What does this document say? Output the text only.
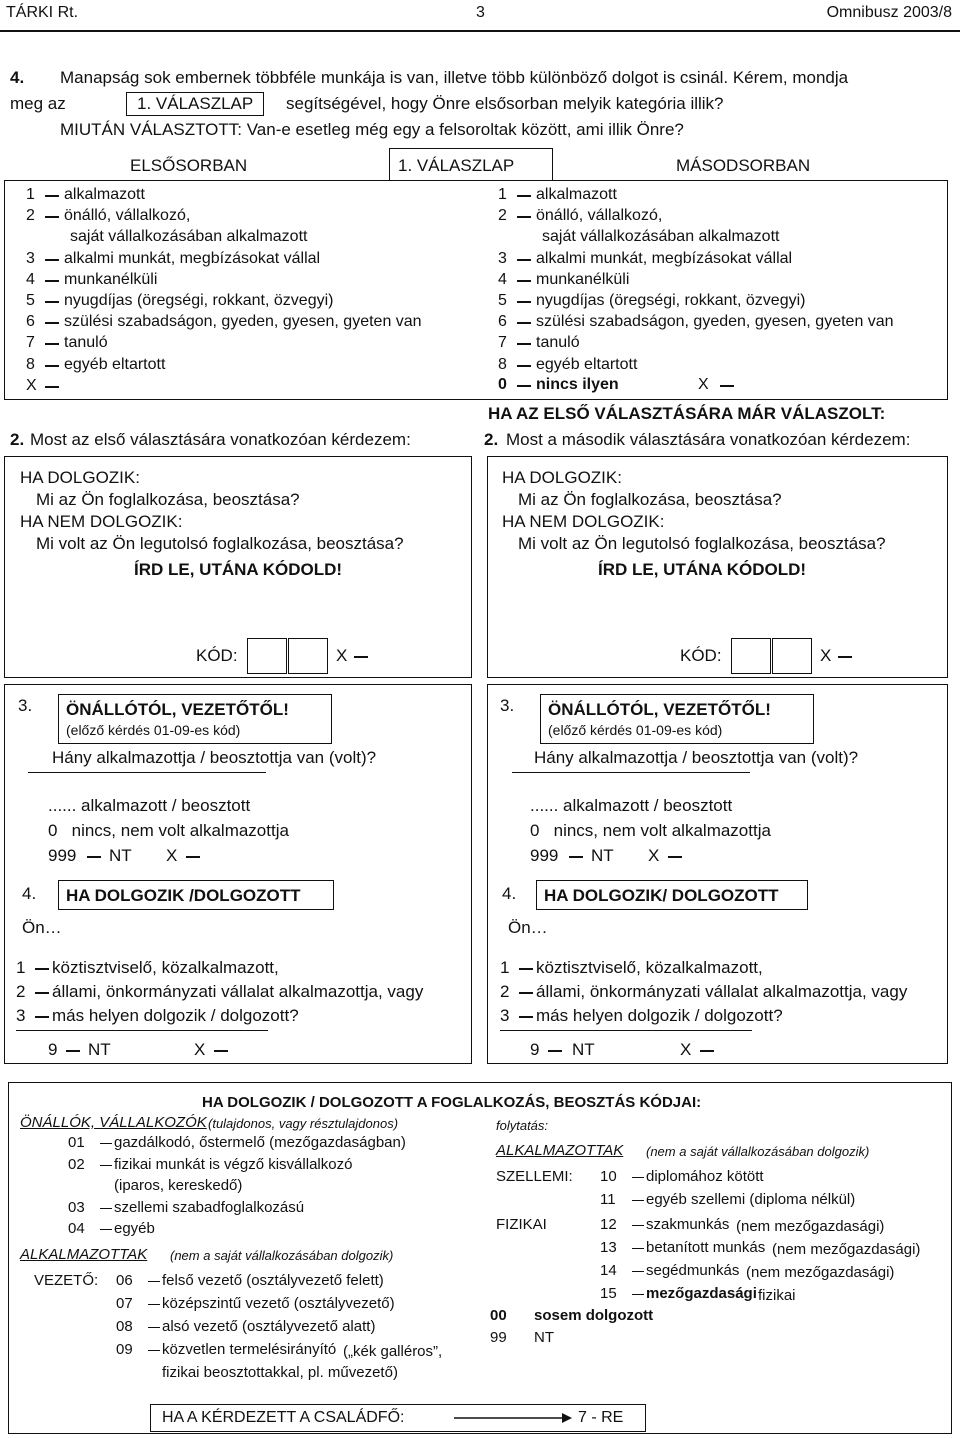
TÁRKI Rt.	3	Omnibusz 2003/8
4. Manapság sok embernek többféle munkája is van, illetve több különböző dolgot is csinál. Kérem, mondja
meg az	1. VÁLASZLAP	segítségével, hogy Önre elsősorban melyik kategória illik?
MIUTÁN VÁLASZTOTT: Van-e esetleg még egy a felsoroltak között, ami illik Önre?
ELSŐSORBAN	1. VÁLASZLAP	MÁSODSORBAN
1 alkalmazott
2 önálló, vállalkozó,
saját vállalkozásában alkalmazott
3 alkalmi munkát, megbízásokat vállal
4 munkanélküli
5 nyugdíjas (öregségi, rokkant, özvegyi)
6 szülési szabadságon, gyeden, gyesen, gyeten van
7 tanuló
8 egyéb eltartott
X
1 alkalmazott
2 önálló, vállalkozó,
saját vállalkozásában alkalmazott
3 alkalmi munkát, megbízásokat vállal
4 munkanélküli
5 nyugdíjas (öregségi, rokkant, özvegyi)
6 szülési szabadságon, gyeden, gyesen, gyeten van
7 tanuló
8 egyéb eltartott
0 nincs ilyen	X
HA AZ ELSŐ VÁLASZTÁSÁRA MÁR VÁLASZOLT:
2. Most az első választására vonatkozóan kérdezem:	2. Most a második választására vonatkozóan kérdezem:
HA DOLGOZIK:
Mi az Ön foglalkozása, beosztása?
HA NEM DOLGOZIK:
Mi volt az Ön legutolsó foglalkozása, beosztása?
ÍRD LE, UTÁNA KÓDOLD!
HA DOLGOZIK:
Mi az Ön foglalkozása, beosztása?
HA NEM DOLGOZIK:
Mi volt az Ön legutolsó foglalkozása, beosztása?
ÍRD LE, UTÁNA KÓDOLD!
KÓD:	X	KÓD:	X
3. ÖNÁLLÓTÓL, VEZETŐTŐL!
(előző kérdés 01-09-es kód)
Hány alkalmazottja / beosztottja van (volt)?
...... alkalmazott / beosztott
0   nincs, nem volt alkalmazottja
999 NT X
3. ÖNÁLLÓTÓL, VEZETŐTŐL!
(előző kérdés 01-09-es kód)
Hány alkalmazottja / beosztottja van (volt)?
...... alkalmazott / beosztott
0   nincs, nem volt alkalmazottja
999 NT X
4. HA DOLGOZIK /DOLGOZOTT
Ön…
1 köztisztviselő, közalkalmazott,
2 állami, önkormányzati vállalat alkalmazottja, vagy
3 más helyen dolgozik / dolgozott?
9 NT	X
4. HA DOLGOZIK/ DOLGOZOTT
Ön…
1 köztisztviselő, közalkalmazott,
2 állami, önkormányzati vállalat alkalmazottja, vagy
3 más helyen dolgozik / dolgozott?
9 NT	X
HA DOLGOZIK / DOLGOZOTT A FOGLALKOZÁS, BEOSZTÁS KÓDJAI:
ÖNÁLLÓK, VÁLLALKOZÓK (tulajdonos, vagy résztulajdonos)
01 gazdálkodó, őstermelő (mezőgazdaságban)
02 fizikai munkát is végző kisvállalkozó
(iparos, kereskedő)
03 szellemi szabadfoglalkozású
04 egyéb
ALKALMAZOTTAK (nem a saját vállalkozásában dolgozik)
VEZETŐ: 06 felső vezető (osztályvezető felett)
07 középszintű vezető (osztályvezető)
08 alsó vezető (osztályvezető alatt)
09 közvetlen termelésirányító („kék galléros”,
fizikai beosztottakkal, pl. művezető)
folytatás:
ALKALMAZOTTAK (nem a saját vállalkozásában dolgozik)
SZELLEMI: 10 diplomához kötött
11 egyéb szellemi (diploma nélkül)
FIZIKAI	12 szakmunkás (nem mezőgazdasági)
13 betanított munkás (nem mezőgazdasági)
14 segédmunkás (nem mezőgazdasági)
15 mezőgazdasági fizikai
00 sosem dolgozott
99 NT
HA A KÉRDEZETT A CSALÁDFŐ:	7 - RE
